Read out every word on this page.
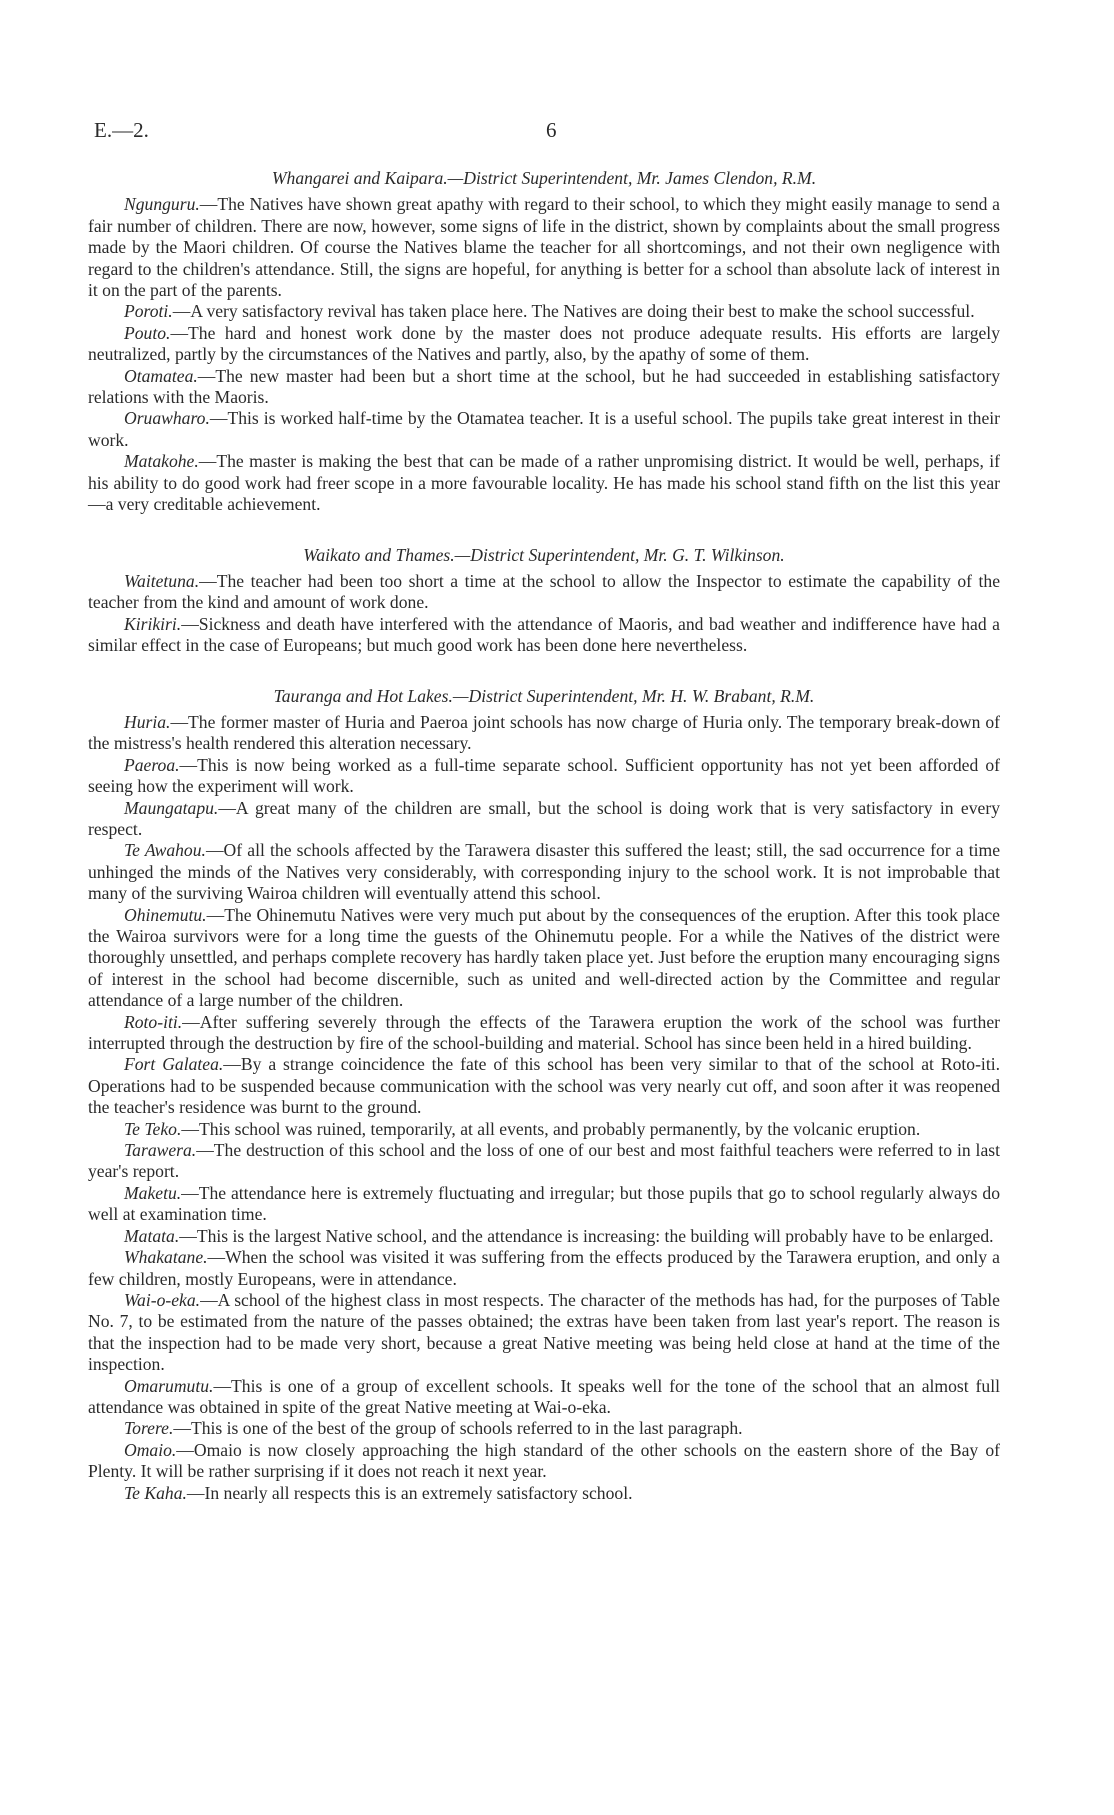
E.—2.	6

Whangarei and Kaipara.—District Superintendent, Mr. James Clendon, R.M.

Ngunguru.—The Natives have shown great apathy with regard to their school, to which they might easily manage to send a fair number of children. There are now, however, some signs of life in the district, shown by complaints about the small progress made by the Maori children. Of course the Natives blame the teacher for all shortcomings, and not their own negligence with regard to the children's attendance. Still, the signs are hopeful, for anything is better for a school than absolute lack of interest in it on the part of the parents.

Poroti.—A very satisfactory revival has taken place here. The Natives are doing their best to make the school successful.

Pouto.—The hard and honest work done by the master does not produce adequate results. His efforts are largely neutralized, partly by the circumstances of the Natives and partly, also, by the apathy of some of them.

Otamatea.—The new master had been but a short time at the school, but he had succeeded in establishing satisfactory relations with the Maoris.

Oruawharo.—This is worked half-time by the Otamatea teacher. It is a useful school. The pupils take great interest in their work.

Matakohe.—The master is making the best that can be made of a rather unpromising district. It would be well, perhaps, if his ability to do good work had freer scope in a more favourable locality. He has made his school stand fifth on the list this year—a very creditable achievement.

Waikato and Thames.—District Superintendent, Mr. G. T. Wilkinson.

Waitetuna.—The teacher had been too short a time at the school to allow the Inspector to estimate the capability of the teacher from the kind and amount of work done.

Kirikiri.—Sickness and death have interfered with the attendance of Maoris, and bad weather and indifference have had a similar effect in the case of Europeans; but much good work has been done here nevertheless.

Tauranga and Hot Lakes.—District Superintendent, Mr. H. W. Brabant, R.M.

Huria.—The former master of Huria and Paeroa joint schools has now charge of Huria only. The temporary break-down of the mistress's health rendered this alteration necessary.

Paeroa.—This is now being worked as a full-time separate school. Sufficient opportunity has not yet been afforded of seeing how the experiment will work.

Maungatapu.—A great many of the children are small, but the school is doing work that is very satisfactory in every respect.

Te Awahou.—Of all the schools affected by the Tarawera disaster this suffered the least; still, the sad occurrence for a time unhinged the minds of the Natives very considerably, with corresponding injury to the school work. It is not improbable that many of the surviving Wairoa children will eventually attend this school.

Ohinemutu.—The Ohinemutu Natives were very much put about by the consequences of the eruption. After this took place the Wairoa survivors were for a long time the guests of the Ohinemutu people. For a while the Natives of the district were thoroughly unsettled, and perhaps complete recovery has hardly taken place yet. Just before the eruption many encouraging signs of interest in the school had become discernible, such as united and well-directed action by the Committee and regular attendance of a large number of the children.

Roto-iti.—After suffering severely through the effects of the Tarawera eruption the work of the school was further interrupted through the destruction by fire of the school-building and material. School has since been held in a hired building.

Fort Galatea.—By a strange coincidence the fate of this school has been very similar to that of the school at Roto-iti. Operations had to be suspended because communication with the school was very nearly cut off, and soon after it was reopened the teacher's residence was burnt to the ground.

Te Teko.—This school was ruined, temporarily, at all events, and probably permanently, by the volcanic eruption.

Tarawera.—The destruction of this school and the loss of one of our best and most faithful teachers were referred to in last year's report.

Maketu.—The attendance here is extremely fluctuating and irregular; but those pupils that go to school regularly always do well at examination time.

Matata.—This is the largest Native school, and the attendance is increasing: the building will probably have to be enlarged.

Whakatane.—When the school was visited it was suffering from the effects produced by the Tarawera eruption, and only a few children, mostly Europeans, were in attendance.

Wai-o-eka.—A school of the highest class in most respects. The character of the methods has had, for the purposes of Table No. 7, to be estimated from the nature of the passes obtained; the extras have been taken from last year's report. The reason is that the inspection had to be made very short, because a great Native meeting was being held close at hand at the time of the inspection.

Omarumutu.—This is one of a group of excellent schools. It speaks well for the tone of the school that an almost full attendance was obtained in spite of the great Native meeting at Wai-o-eka.

Torere.—This is one of the best of the group of schools referred to in the last paragraph.

Omaio.—Omaio is now closely approaching the high standard of the other schools on the eastern shore of the Bay of Plenty. It will be rather surprising if it does not reach it next year.

Te Kaha.—In nearly all respects this is an extremely satisfactory school.
